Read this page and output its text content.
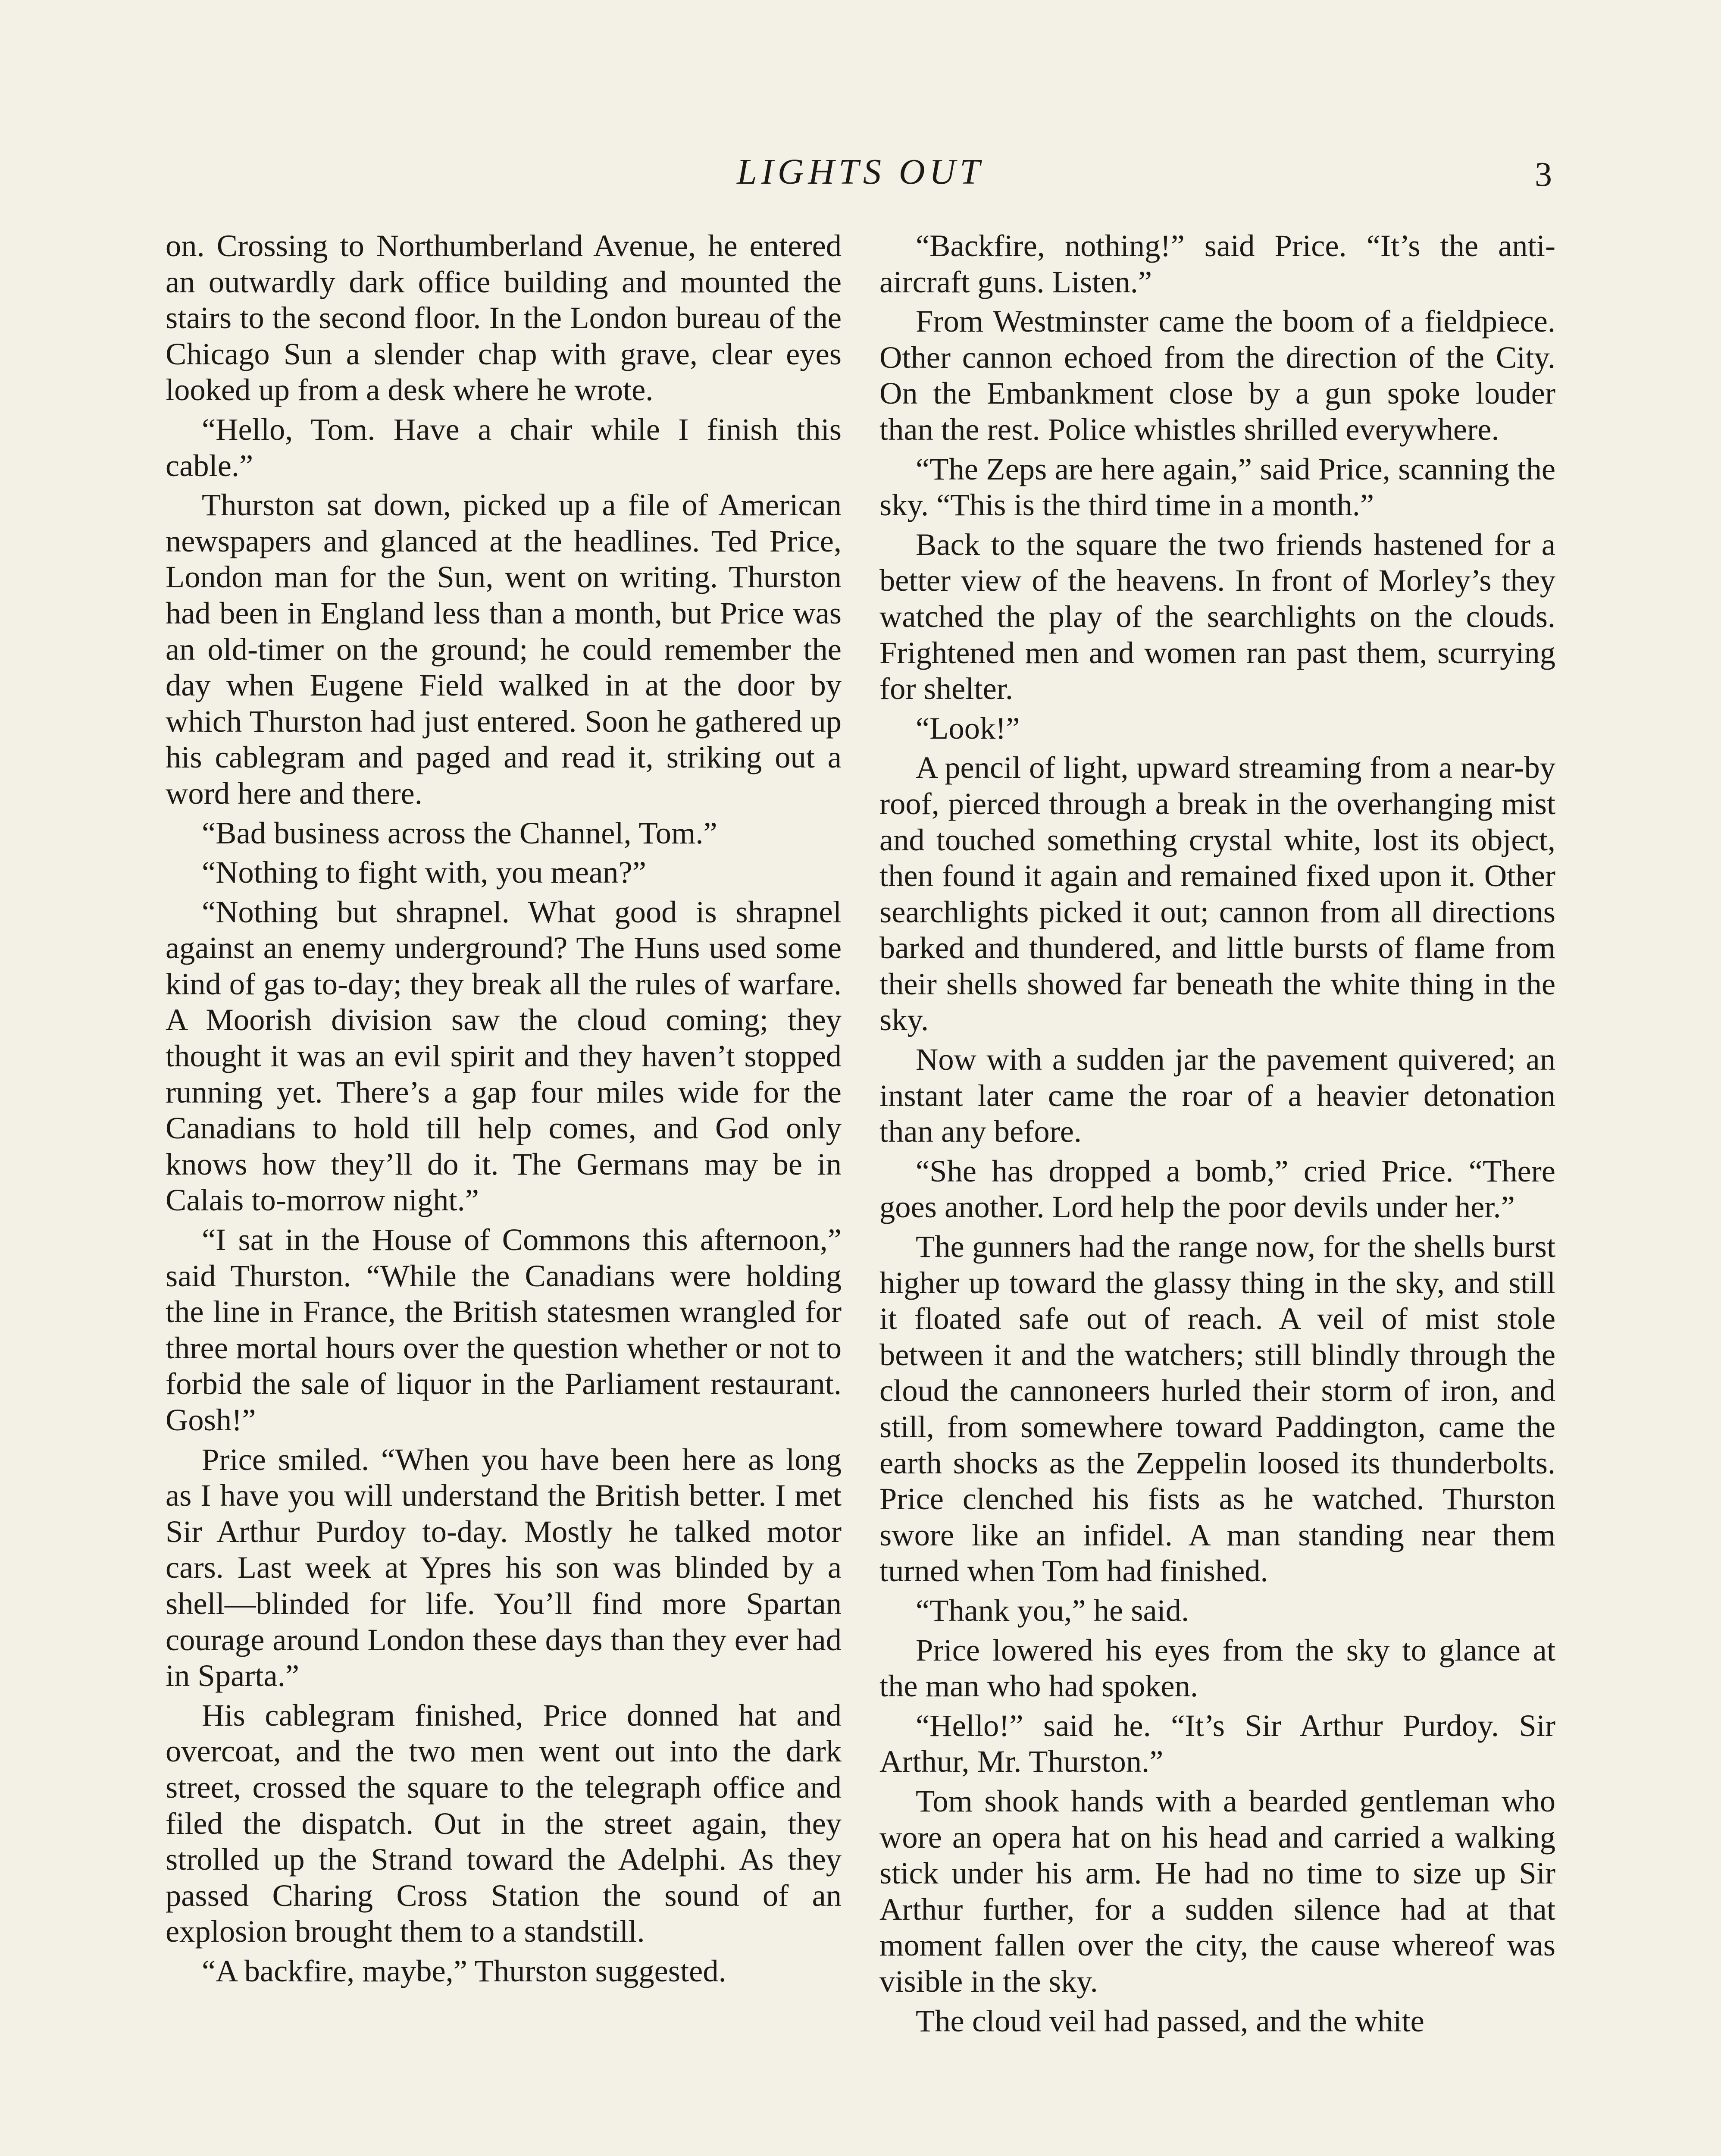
LIGHTS OUT	3

on. Crossing to Northumberland Avenue, he entered an outwardly dark office building and mounted the stairs to the second floor. In the London bureau of the Chicago Sun a slender chap with grave, clear eyes looked up from a desk where he wrote.

“Hello, Tom. Have a chair while I finish this cable.”

Thurston sat down, picked up a file of American newspapers and glanced at the headlines. Ted Price, London man for the Sun, went on writing. Thurston had been in England less than a month, but Price was an old-timer on the ground; he could remember the day when Eugene Field walked in at the door by which Thurston had just entered. Soon he gathered up his cablegram and paged and read it, striking out a word here and there.

“Bad business across the Channel, Tom.”

“Nothing to fight with, you mean?”

“Nothing but shrapnel. What good is shrapnel against an enemy underground? The Huns used some kind of gas to-day; they break all the rules of warfare. A Moorish division saw the cloud coming; they thought it was an evil spirit and they haven’t stopped running yet. There’s a gap four miles wide for the Canadians to hold till help comes, and God only knows how they’ll do it. The Germans may be in Calais to-morrow night.”

“I sat in the House of Commons this afternoon,” said Thurston. “While the Canadians were holding the line in France, the British statesmen wrangled for three mortal hours over the question whether or not to forbid the sale of liquor in the Parliament restaurant. Gosh!”

Price smiled. “When you have been here as long as I have you will understand the British better. I met Sir Arthur Purdoy to-day. Mostly he talked motor cars. Last week at Ypres his son was blinded by a shell—blinded for life. You’ll find more Spartan courage around London these days than they ever had in Sparta.”

His cablegram finished, Price donned hat and overcoat, and the two men went out into the dark street, crossed the square to the telegraph office and filed the dispatch. Out in the street again, they strolled up the Strand toward the Adelphi. As they passed Charing Cross Station the sound of an explosion brought them to a standstill.

“A backfire, maybe,” Thurston suggested.

“Backfire, nothing!” said Price. “It’s the anti-aircraft guns. Listen.”

From Westminster came the boom of a fieldpiece. Other cannon echoed from the direction of the City. On the Embankment close by a gun spoke louder than the rest. Police whistles shrilled everywhere.

“The Zeps are here again,” said Price, scanning the sky. “This is the third time in a month.”

Back to the square the two friends hastened for a better view of the heavens. In front of Morley’s they watched the play of the searchlights on the clouds. Frightened men and women ran past them, scurrying for shelter.

“Look!”

A pencil of light, upward streaming from a near-by roof, pierced through a break in the overhanging mist and touched something crystal white, lost its object, then found it again and remained fixed upon it. Other searchlights picked it out; cannon from all directions barked and thundered, and little bursts of flame from their shells showed far beneath the white thing in the sky.

Now with a sudden jar the pavement quivered; an instant later came the roar of a heavier detonation than any before.

“She has dropped a bomb,” cried Price. “There goes another. Lord help the poor devils under her.”

The gunners had the range now, for the shells burst higher up toward the glassy thing in the sky, and still it floated safe out of reach. A veil of mist stole between it and the watchers; still blindly through the cloud the cannoneers hurled their storm of iron, and still, from somewhere toward Paddington, came the earth shocks as the Zeppelin loosed its thunderbolts. Price clenched his fists as he watched. Thurston swore like an infidel. A man standing near them turned when Tom had finished.

“Thank you,” he said.

Price lowered his eyes from the sky to glance at the man who had spoken.

“Hello!” said he. “It’s Sir Arthur Purdoy. Sir Arthur, Mr. Thurston.”

Tom shook hands with a bearded gentleman who wore an opera hat on his head and carried a walking stick under his arm. He had no time to size up Sir Arthur further, for a sudden silence had at that moment fallen over the city, the cause whereof was visible in the sky.

The cloud veil had passed, and the white
